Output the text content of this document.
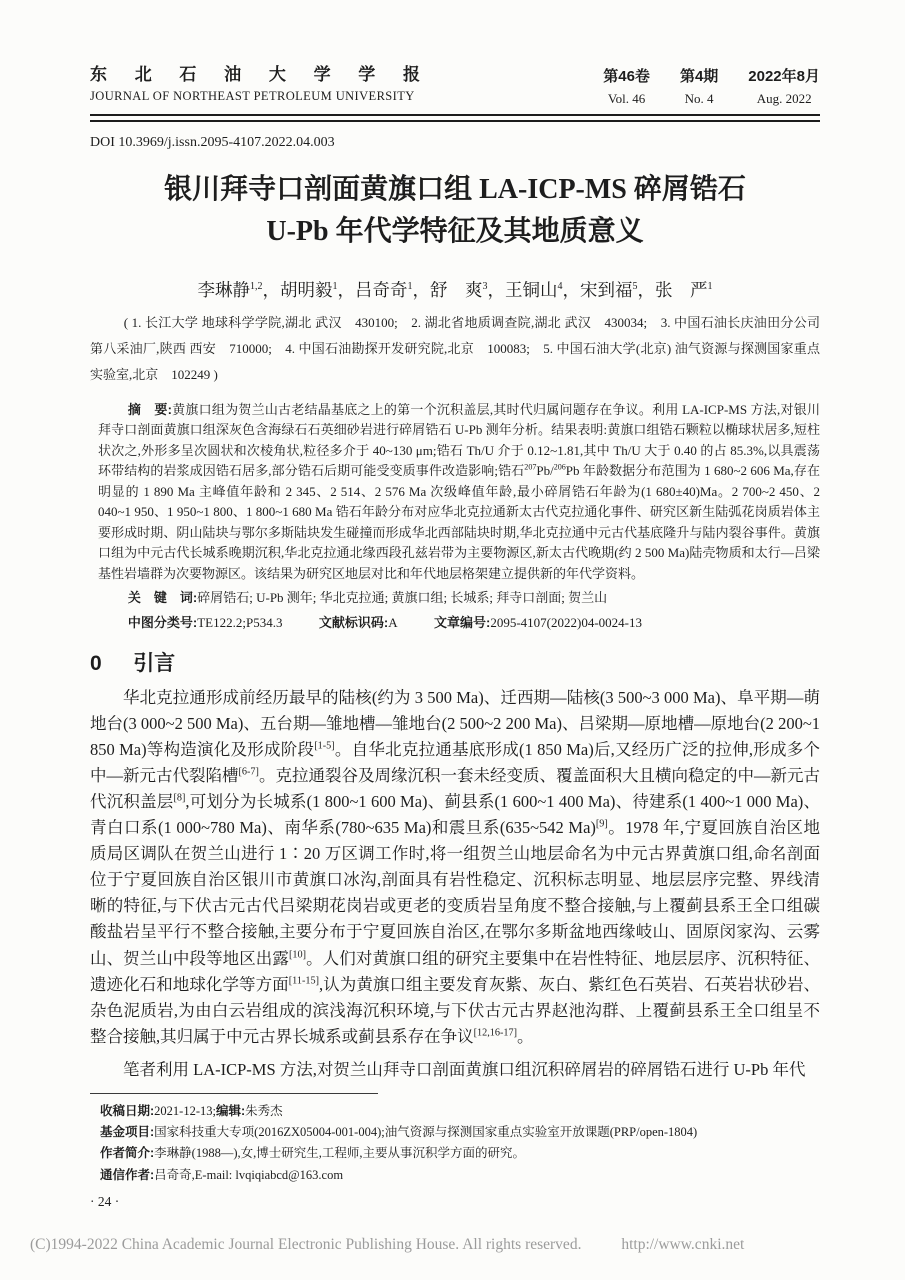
东北石油大学学报
JOURNAL OF NORTHEAST PETROLEUM UNIVERSITY
第46卷
Vol. 46
第4期
No. 4
2022年8月
Aug. 2022
DOI 10.3969/j.issn.2095-4107.2022.04.003
银川拜寺口剖面黄旗口组 LA-ICP-MS 碎屑锆石
U-Pb 年代学特征及其地质意义
李琳静$^{1,2}$，胡明毅$^1$，吕奇奇$^1$，舒　爽$^3$，王铜山$^4$，宋到福$^5$，张　严$^1$

( 1. 长江大学 地球科学学院,湖北 武汉　430100;　2. 湖北省地质调查院,湖北 武汉　430034;　3. 中国石油长庆油田分公司 第八采油厂,陕西 西安　710000;　4. 中国石油勘探开发研究院,北京　100083;　5. 中国石油大学(北京) 油气资源与探测国家重点实验室,北京　102249 )

摘　要:黄旗口组为贺兰山古老结晶基底之上的第一个沉积盖层,其时代归属问题存在争议。利用 LA-ICP-MS 方法,对银川拜寺口剖面黄旗口组深灰色含海绿石石英细砂岩进行碎屑锆石 U-Pb 测年分析。结果表明:黄旗口组锆石颗粒以椭球状居多,短柱状次之,外形多呈次圆状和次棱角状,粒径多介于 40~130 μm;锆石 Th/U 介于 0.12~1.81,其中 Th/U 大于 0.40 的占 85.3%,以具震荡环带结构的岩浆成因锆石居多,部分锆石后期可能受变质事件改造影响;锆石$^{207}$Pb/$^{206}$Pb 年龄数据分布范围为 1 680~2 606 Ma,存在明显的 1 890 Ma 主峰值年龄和 2 345、2 514、2 576 Ma 次级峰值年龄,最小碎屑锆石年龄为(1 680±40)Ma。2 700~2 450、2 040~1 950、1 950~1 800、1 800~1 680 Ma 锆石年龄分布对应华北克拉通新太古代克拉通化事件、研究区新生陆弧花岗质岩体主要形成时期、阴山陆块与鄂尔多斯陆块发生碰撞而形成华北西部陆块时期,华北克拉通中元古代基底隆升与陆内裂谷事件。黄旗口组为中元古代长城系晚期沉积,华北克拉通北缘西段孔兹岩带为主要物源区,新太古代晚期(约 2 500 Ma)陆壳物质和太行—吕梁基性岩墙群为次要物源区。该结果为研究区地层对比和年代地层格架建立提供新的年代学资料。

关　键　词:碎屑锆石; U-Pb 测年; 华北克拉通; 黄旗口组; 长城系; 拜寺口剖面; 贺兰山

中图分类号:TE122.2;P534.3	文献标识码:A	文章编号:2095-4107(2022)04-0024-13

0 引言

华北克拉通形成前经历最早的陆核(约为 3 500 Ma)、迁西期—陆核(3 500~3 000 Ma)、阜平期—萌地台(3 000~2 500 Ma)、五台期—雏地槽—雏地台(2 500~2 200 Ma)、吕梁期—原地槽—原地台(2 200~1 850 Ma)等构造演化及形成阶段[1-5]。自华北克拉通基底形成(1 850 Ma)后,又经历广泛的拉伸,形成多个中—新元古代裂陷槽[6-7]。克拉通裂谷及周缘沉积一套未经变质、覆盖面积大且横向稳定的中—新元古代沉积盖层[8],可划分为长城系(1 800~1 600 Ma)、蓟县系(1 600~1 400 Ma)、待建系(1 400~1 000 Ma)、青白口系(1 000~780 Ma)、南华系(780~635 Ma)和震旦系(635~542 Ma)[9]。1978 年,宁夏回族自治区地质局区调队在贺兰山进行 1∶20 万区调工作时,将一组贺兰山地层命名为中元古界黄旗口组,命名剖面位于宁夏回族自治区银川市黄旗口冰沟,剖面具有岩性稳定、沉积标志明显、地层层序完整、界线清晰的特征,与下伏古元古代吕梁期花岗岩或更老的变质岩呈角度不整合接触,与上覆蓟县系王全口组碳酸盐岩呈平行不整合接触,主要分布于宁夏回族自治区,在鄂尔多斯盆地西缘岐山、固原闵家沟、云雾山、贺兰山中段等地区出露[10]。人们对黄旗口组的研究主要集中在岩性特征、地层层序、沉积特征、遗迹化石和地球化学等方面[11-15],认为黄旗口组主要发育灰紫、灰白、紫红色石英岩、石英岩状砂岩、杂色泥质岩,为由白云岩组成的滨浅海沉积环境,与下伏古元古界赵池沟群、上覆蓟县系王全口组呈不整合接触,其归属于中元古界长城系或蓟县系存在争议[12,16-17]。

笔者利用 LA-ICP-MS 方法,对贺兰山拜寺口剖面黄旗口组沉积碎屑岩的碎屑锆石进行 U-Pb 年代

收稿日期:2021-12-13;编辑:朱秀杰
基金项目:国家科技重大专项(2016ZX05004-001-004);油气资源与探测国家重点实验室开放课题(PRP/open-1804)
作者简介:李琳静(1988—),女,博士研究生,工程师,主要从事沉积学方面的研究。
通信作者:吕奇奇,E-mail: lvqiqiabcd@163.com
· 24 ·
(C)1994-2022 China Academic Journal Electronic Publishing House. All rights reserved.	http://www.cnki.net
